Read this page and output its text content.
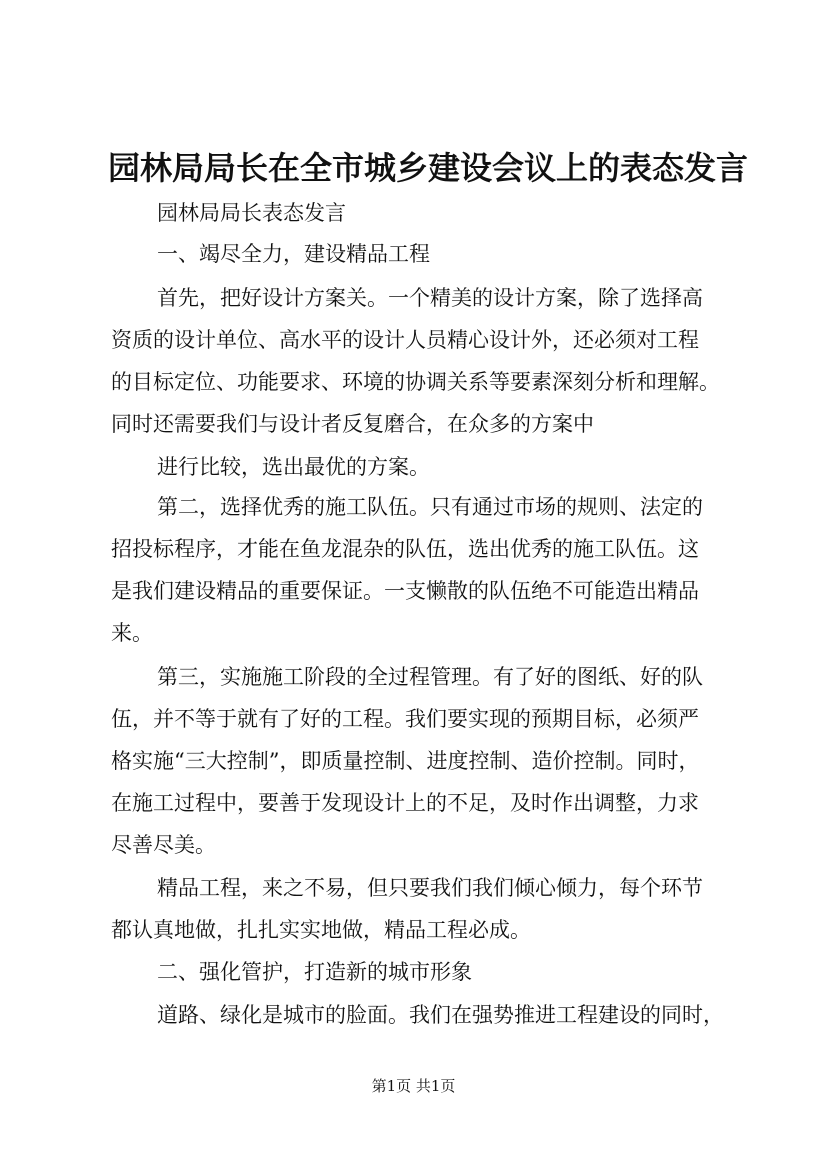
园林局局长在全市城乡建设会议上的表态发言
园林局局长表态发言
一、竭尽全力，建设精品工程
首先，把好设计方案关。一个精美的设计方案，除了选择高
资质的设计单位、高水平的设计人员精心设计外，还必须对工程
的目标定位、功能要求、环境的协调关系等要素深刻分析和理解。
同时还需要我们与设计者反复磨合，在众多的方案中
进行比较，选出最优的方案。
第二，选择优秀的施工队伍。只有通过市场的规则、法定的
招投标程序，才能在鱼龙混杂的队伍，选出优秀的施工队伍。这
是我们建设精品的重要保证。一支懒散的队伍绝不可能造出精品
来。
第三，实施施工阶段的全过程管理。有了好的图纸、好的队
伍，并不等于就有了好的工程。我们要实现的预期目标，必须严
格实施“三大控制”，即质量控制、进度控制、造价控制。同时，
在施工过程中，要善于发现设计上的不足，及时作出调整，力求
尽善尽美。
精品工程，来之不易，但只要我们我们倾心倾力，每个环节
都认真地做，扎扎实实地做，精品工程必成。
二、强化管护，打造新的城市形象
道路、绿化是城市的脸面。我们在强势推进工程建设的同时，
第1页 共1页
